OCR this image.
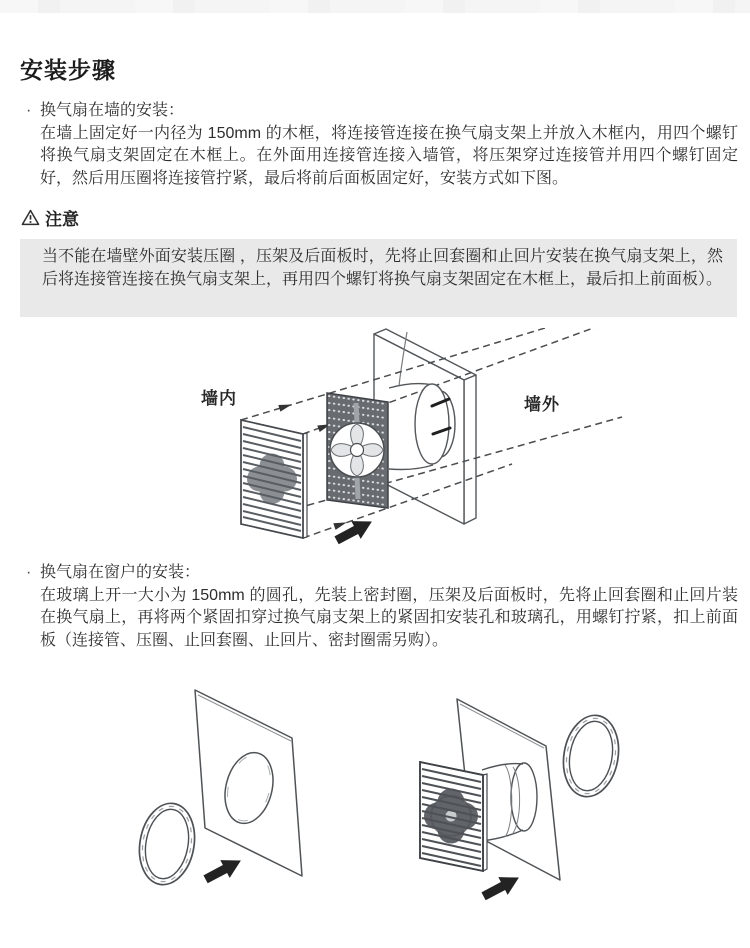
安装步骤
· 换气扇在墙的安装：
在墙上固定好一内径为 150mm 的木框，将连接管连接在换气扇支架上并放入木框内，用四个螺钉将换气扇支架固定在木框上。在外面用连接管连接入墙管，将压架穿过连接管并用四个螺钉固定好，然后用压圈将连接管拧紧，最后将前后面板固定好，安装方式如下图。
注意
当不能在墙壁外面安装压圈 ，压架及后面板时，先将止回套圈和止回片安装在换气扇支架上，然后将连接管连接在换气扇支架上，再用四个螺钉将换气扇支架固定在木框上，最后扣上前面板）。
墙内	墙外
· 换气扇在窗户的安装：
在玻璃上开一大小为 150mm 的圆孔，先装上密封圈，压架及后面板时，先将止回套圈和止回片装在换气扇上，再将两个紧固扣穿过换气扇支架上的紧固扣安装孔和玻璃孔，用螺钉拧紧，扣上前面板（连接管、压圈、止回套圈、止回片、密封圈需另购）。
